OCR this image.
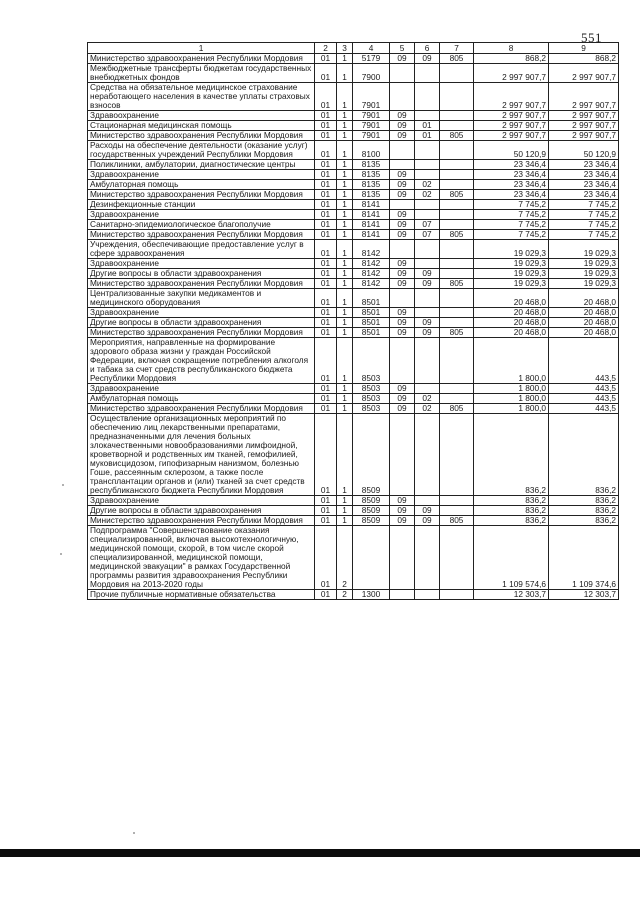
551
1	2	3	4	5	6	7	8	9
Министерство здравоохранения Республики Мордовия	01	1	5179	09	09	805	868,2	868,2
Межбюджетные трансферты бюджетам государственных внебюджетных фондов	01	1	7900				2 997 907,7	2 997 907,7
Средства на обязательное медицинское страхование неработающего населения в качестве уплаты страховых взносов	01	1	7901				2 997 907,7	2 997 907,7
Здравоохранение	01	1	7901	09			2 997 907,7	2 997 907,7
Стационарная медицинская помощь	01	1	7901	09	01		2 997 907,7	2 997 907,7
Министерство здравоохранения Республики Мордовия	01	1	7901	09	01	805	2 997 907,7	2 997 907,7
Расходы на обеспечение деятельности (оказание услуг) государственных учреждений Республики Мордовия	01	1	8100				50 120,9	50 120,9
Поликлиники, амбулатории, диагностические центры	01	1	8135				23 346,4	23 346,4
Здравоохранение	01	1	8135	09			23 346,4	23 346,4
Амбулаторная помощь	01	1	8135	09	02		23 346,4	23 346,4
Министерство здравоохранения Республики Мордовия	01	1	8135	09	02	805	23 346,4	23 346,4
Дезинфекционные станции	01	1	8141				7 745,2	7 745,2
Здравоохранение	01	1	8141	09			7 745,2	7 745,2
Санитарно-эпидемиологическое благополучие	01	1	8141	09	07		7 745,2	7 745,2
Министерство здравоохранения Республики Мордовия	01	1	8141	09	07	805	7 745,2	7 745,2
Учреждения, обеспечивающие предоставление услуг в сфере здравоохранения	01	1	8142				19 029,3	19 029,3
Здравоохранение	01	1	8142	09			19 029,3	19 029,3
Другие вопросы в области здравоохранения	01	1	8142	09	09		19 029,3	19 029,3
Министерство здравоохранения Республики Мордовия	01	1	8142	09	09	805	19 029,3	19 029,3
Централизованные закупки медикаментов и медицинского оборудования	01	1	8501				20 468,0	20 468,0
Здравоохранение	01	1	8501	09			20 468,0	20 468,0
Другие вопросы в области здравоохранения	01	1	8501	09	09		20 468,0	20 468,0
Министерство здравоохранения Республики Мордовия	01	1	8501	09	09	805	20 468,0	20 468,0
Мероприятия, направленные на формирование здорового образа жизни у граждан Российской Федерации, включая сокращение потребления алкоголя и табака за счет средств республиканского бюджета Республики Мордовия	01	1	8503				1 800,0	443,5
Здравоохранение	01	1	8503	09			1 800,0	443,5
Амбулаторная помощь	01	1	8503	09	02		1 800,0	443,5
Министерство здравоохранения Республики Мордовия	01	1	8503	09	02	805	1 800,0	443,5
Осуществление организационных мероприятий по обеспечению лиц лекарственными препаратами, предназначенными для лечения больных злокачественными новообразованиями лимфоидной, кроветворной и родственных им тканей, гемофилией, муковисцидозом, гипофизарным нанизмом, болезнью Гоше, рассеянным склерозом, а также после трансплантации органов и (или) тканей за счет средств республиканского бюджета Республики Мордовия	01	1	8509				836,2	836,2
Здравоохранение	01	1	8509	09			836,2	836,2
Другие вопросы в области здравоохранения	01	1	8509	09	09		836,2	836,2
Министерство здравоохранения Республики Мордовия	01	1	8509	09	09	805	836,2	836,2
Подпрограмма "Совершенствование оказания специализированной, включая высокотехнологичную, медицинской помощи, скорой, в том числе скорой специализированной, медицинской помощи, медицинской эвакуации" в рамках Государственной программы развития здравоохранения Республики Мордовия на 2013-2020 годы	01	2					1 109 574,6	1 109 374,6
Прочие публичные нормативные обязательства	01	2	1300				12 303,7	12 303,7
